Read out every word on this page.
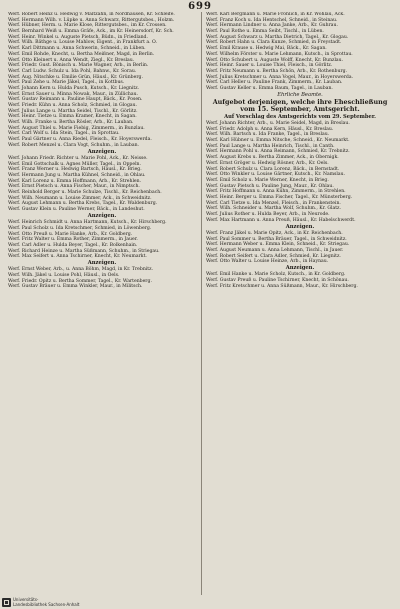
699

Werf. Robert Heinz u. Hedwig v. Maltzahn, in Nordhausen, Kr. Schleife.

Werf. Hermann Wilh. v. Lüpke u. Anna Schwarz, Rittergutsbes., Holzm.

Werf. Hübner, Herm. u. Marie Klose, Rittergutsbes., im Kr. Crossen.

Werf. Bernhard Weiß u. Emma Gräfe, Ack., im Kr. Heinersdorf, Kr. Sch.

Werf. Heinr. Winkel u. Auguste Pietsch, Büdn., in Friedland.

Werf. Wilh. Bäthge u. Louise Mahlow, Eigent., in Frankfurt a. O.

Werf. Karl Dittmann u. Anna Schwerin, Schneid., in Lüben.

Werf. Emil Rohde, Knecht, u. Bertha Meißner, Magd, in Berlin.

Werf. Otto Kleinert u. Anna Wendt, Ziegl., Kr. Breslau.

Werf. Friedr. Gust. Bönisch u. Marie Wagner, Arb., in Berlin.

Werf. Carl Ludw. Schulz u. Ida Pohl, Bahnw., Kr. Sorau.

Werf. Aug. Nitschke u. Emilie Grün, Häusl., Kr. Grünberg.

Werf. Paul Zehe u. Marie Jäkel, Tagel., in Kottbus.

Werf. Johann Kern u. Hulda Pusch, Kutsch., Kr. Liegnitz.

Werf. Ernst Sauer u. Minna Nowak, Maur., in Züllichau.

Werf. Gustav Reimann u. Pauline Haupt, Bäck., Kr. Posen.

Werf. Friedr. Kühn u. Anna Scholz, Schmied, in Glogau.

Werf. Julius Lange u. Martha Seidel, Tischl., Kr. Görlitz.

Werf. Heinr. Tietze u. Emma Kramer, Knecht, in Sagan.

Werf. Wilh. Franke u. Bertha Rösler, Arb., Kr. Lauban.

Werf. August Thiel u. Marie Fiebig, Zimmerm., in Bunzlau.

Werf. Carl Wolf u. Ida Stein, Tagel., in Sprottau.

Werf. Paul Gärtner u. Anna Riedel, Fleisch., Kr. Hoyerswerda.

Werf. Robert Menzel u. Clara Vogt, Schuhm., in Lauban.

Anzeigen.

Werf. Johann Friedr. Richter u. Marie Pohl, Ack., Kr. Neisse.

Werf. Emil Gottschalk u. Agnes Müller, Tagel., in Oppeln.

Werf. Franz Werner u. Hedwig Bartsch, Häusl., Kr. Brieg.

Werf. Hermann Jung u. Martha Kühnel, Schneid., in Ohlau.

Werf. Karl Lorenz u. Emma Hoffmann, Arb., Kr. Strehlen.

Werf. Ernst Pietsch u. Anna Fischer, Maur., in Nimptsch.

Werf. Reinhold Berger u. Marie Schulze, Tischl., Kr. Reichenbach.

Werf. Wilh. Neumann u. Louise Zimmer, Ack., in Schweidnitz.

Werf. August Lehmann u. Bertha Krebs, Tagel., Kr. Waldenburg.

Werf. Gustav Klein u. Pauline Werner, Bäck., in Landeshut.

Anzeigen.

Werf. Heinrich Schmidt u. Anna Hartmann, Kutsch., Kr. Hirschberg.

Werf. Paul Scholz u. Ida Kretschmer, Schmied, in Löwenberg.

Werf. Otto Preuß u. Marie Hanke, Arb., Kr. Goldberg.

Werf. Fritz Walter u. Emma Rother, Zimmerm., in Jauer.

Werf. Carl Adler u. Hulda Beyer, Tagel., Kr. Bolkenhain.

Werf. Richard Heinze u. Martha Süßmann, Schuhm., in Striegau.

Werf. Max Seifert u. Anna Tschirner, Knecht, Kr. Neumarkt.

Anzeigen.

Werf. Ernst Weber, Arb., u. Anna Böhm, Magd, in Kr. Trebnitz.

Werf. Wilh. Jäkel u. Louise Pohl, Häusl., in Oels.

Werf. Friedr. Opitz u. Bertha Sommer, Tagel., Kr. Wartenberg.

Werf. Gustav Bräuer u. Emma Winkler, Maur., in Militsch.

Werf. Karl Bergmann u. Marie Fröhlich, in Kr. Wohlau, Ack.

Werf. Franz Koch u. Ida Hentschel, Schneid., in Steinau.

Werf. Hermann Lindner u. Anna Janke, Arb., Kr. Guhrau.

Werf. Paul Rothe u. Emma Seibt, Tischl., in Lüben.

Werf. August Schwarz u. Martha Dietrich, Tagel., Kr. Glogau.

Werf. Robert Hahn u. Clara Kunze, Schmied, in Freystadt.

Werf. Emil Krause u. Hedwig Mai, Bäck., Kr. Sagan.

Werf. Wilhelm Förster u. Marie Lehmann, Kutsch., in Sprottau.

Werf. Otto Schubert u. Auguste Wolff, Knecht, Kr. Bunzlau.

Werf. Heinr. Sauer u. Louise Thiel, Fleisch., in Görlitz.

Werf. Fritz Neumann u. Bertha Schön, Arb., Kr. Rothenburg.

Werf. Julius Kretschmer u. Anna Vogel, Maur., in Hoyerswerda.

Werf. Carl Heller u. Pauline Frank, Zimmerm., Kr. Lauban.

Werf. Gustav Keller u. Emma Baum, Tagel., in Lauban.

Ehrliche Beamte.
Aufgebot derjenigen, welche ihre Eheschließung vom 15. September, Amtsgericht.
Auf Vorschlag des Amtsgerichts vom 29. September.

Werf. Johann Richter, Arb., u. Marie Seidel, Magd, in Breslau.

Werf. Friedr. Adolph u. Anna Kern, Häusl., Kr. Breslau.

Werf. Wilh. Bartsch u. Ida Franke, Tagel., in Breslau.

Werf. Karl Hübner u. Emma Nitsche, Schneid., Kr. Neumarkt.

Werf. Paul Lange u. Martha Heinrich, Tischl., in Canth.

Werf. Hermann Pohl u. Anna Reimann, Schmied, Kr. Trebnitz.

Werf. August Krebs u. Bertha Zimmer, Ack., in Obernigk.

Werf. Ernst Gröger u. Hedwig Rösner, Arb., Kr. Oels.

Werf. Robert Schulz u. Clara Lorenz, Bäck., in Bernstadt.

Werf. Otto Winkler u. Louise Gärtner, Kutsch., Kr. Namslau.

Werf. Emil Scholz u. Marie Werner, Knecht, in Brieg.

Werf. Gustav Pietsch u. Pauline Jung, Maur., Kr. Ohlau.

Werf. Fritz Hoffmann u. Anna Kühn, Zimmerm., in Strehlen.

Werf. Heinr. Berger u. Emma Fischer, Tagel., Kr. Münsterberg.

Werf. Carl Tietze u. Ida Menzel, Fleisch., in Frankenstein.

Werf. Wilh. Schneider u. Martha Wolf, Schuhm., Kr. Glatz.

Werf. Julius Rother u. Hulda Beyer, Arb., in Neurode.

Werf. Max Hartmann u. Anna Preuß, Häusl., Kr. Habelschwerdt.

Anzeigen.

Werf. Franz Jäkel u. Marie Opitz, Ack., in Kr. Reichenbach.

Werf. Paul Sommer u. Bertha Bräuer, Tagel., in Schweidnitz.

Werf. Hermann Weber u. Emma Klein, Schneid., Kr. Striegau.

Werf. August Neumann u. Anna Lehmann, Tischl., in Jauer.

Werf. Robert Seifert u. Clara Adler, Schmied, Kr. Liegnitz.

Werf. Otto Walter u. Louise Heinze, Arb., in Haynau.

Anzeigen.

Werf. Emil Hanke u. Marie Scholz, Kutsch., in Kr. Goldberg.

Werf. Gustav Preuß u. Pauline Tschirner, Knecht, in Schönau.

Werf. Fritz Kretschmer u. Anna Süßmann, Maur., Kr. Hirschberg.

Universitäts-
Landesbibliothek Sachsen-Anhalt
